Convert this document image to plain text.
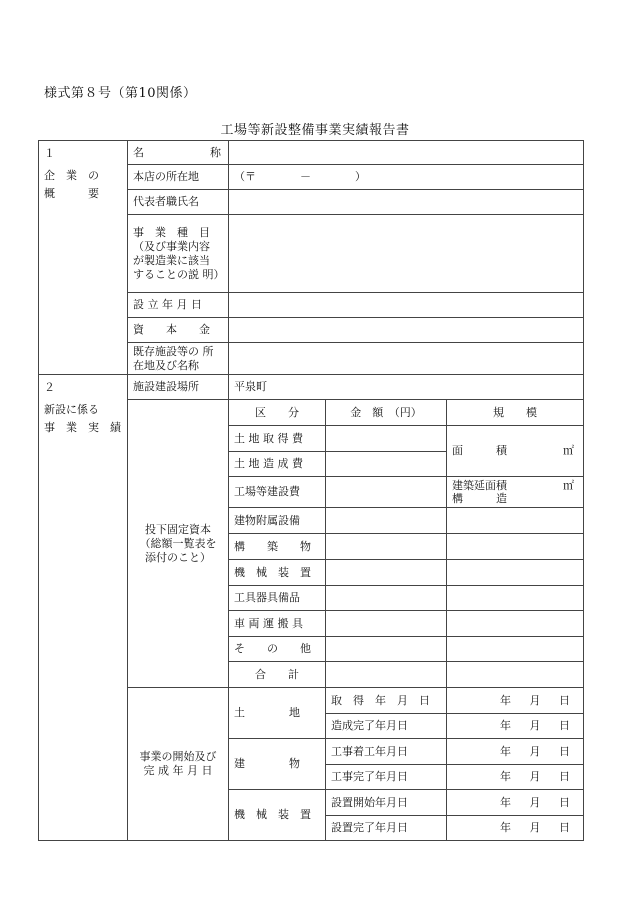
様式第８号（第10関係）
工場等新設整備事業実績報告書
１
企　業　の
概　　　要	名　　　　　　称			
	本店の所在地	（〒　　　　－　　　　）		
	代表者職氏名			
	事　業　種　目 （及び事業内容 が製造業に該当 することの説 明）			
	設 立 年 月 日			
	資　　本　　金			
	既存施設等の 所在地及び名称			

２
新設に係る
事　業　実　績	施設建設場所	平泉町		
	投下固定資本 （総額一覧表を 添付のこと）	区　　分	金　額　（円）	規　　模
		土 地 取 得 費		面　　　積 ㎡

		土 地 造 成 費		
		工場等建設費		建築延面積 ㎡
構　　　造

		建物附属設備		
		構　　築　　物		
		機　械　装　置		
		工具器具備品		
		車 両 運 搬 具		
		そ　　の　　他		
		合　　計		
	事業の開始及び 完 成 年 月 日	土　　　　地	取　得　年　月　日	年 月 日

			造成完了年月日	年 月 日

		建　　　　物	工事着工年月日	年 月 日

			工事完了年月日	年 月 日

		機　械　装　置	設置開始年月日	年 月 日

			設置完了年月日	年 月 日
